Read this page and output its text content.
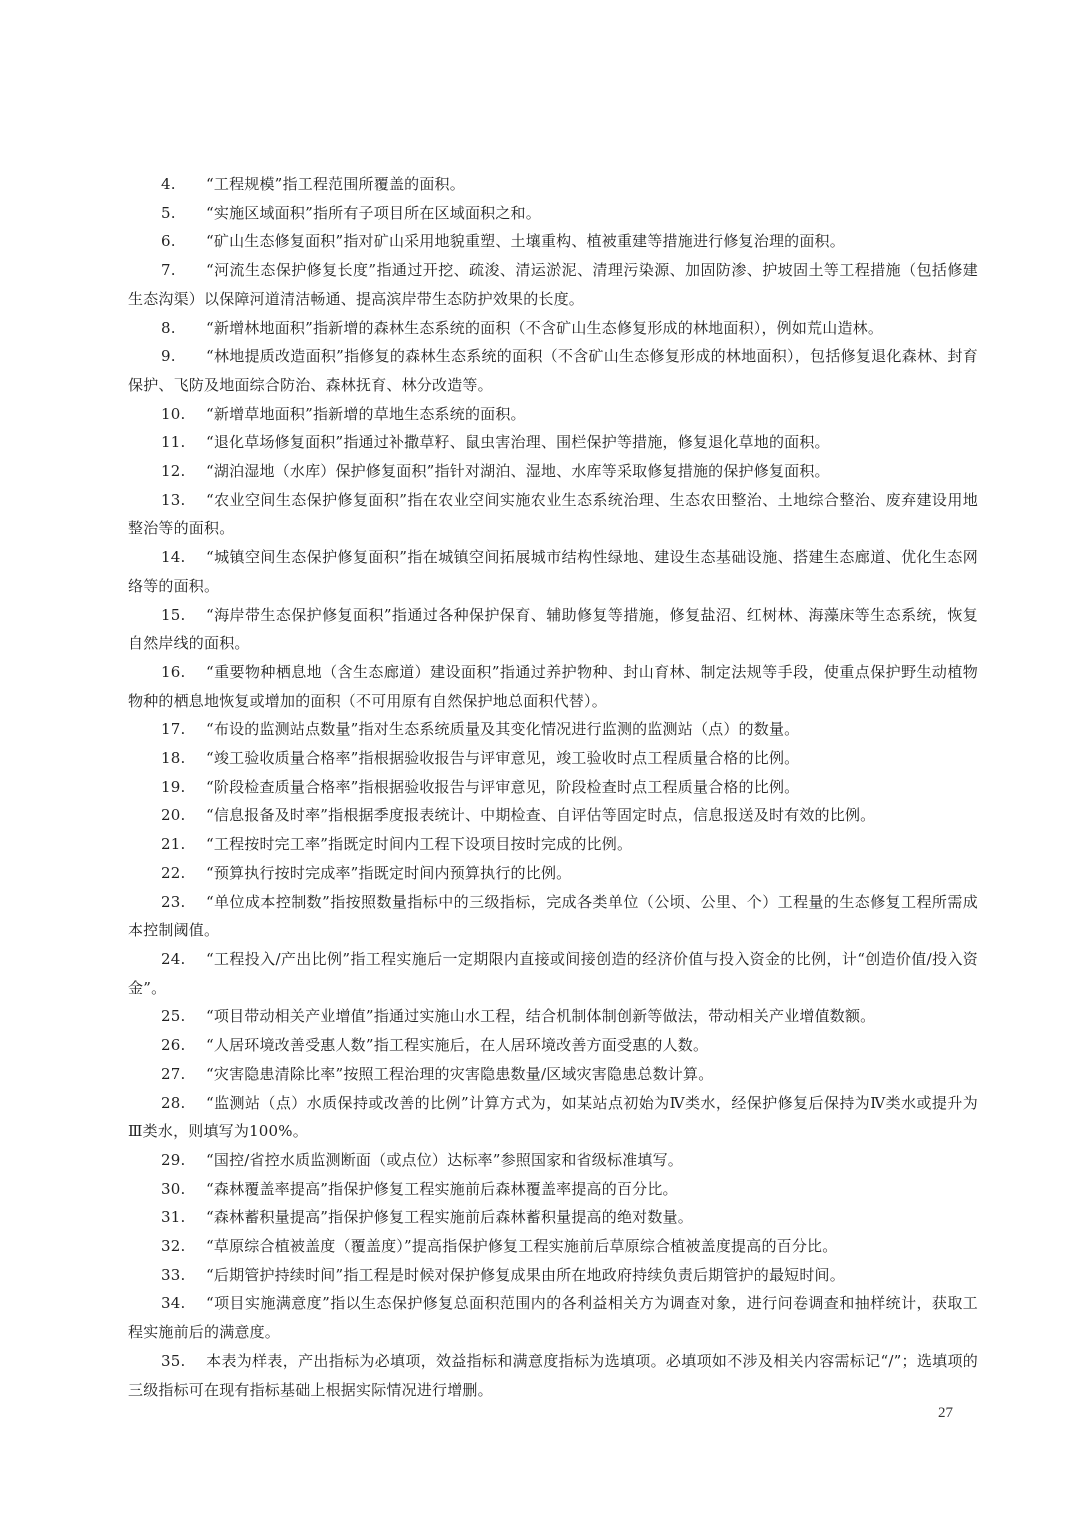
4. “工程规模”指工程范围所覆盖的面积。

5. “实施区域面积”指所有子项目所在区域面积之和。

6. “矿山生态修复面积”指对矿山采用地貌重塑、土壤重构、植被重建等措施进行修复治理的面积。

7. “河流生态保护修复长度”指通过开挖、疏浚、清运淤泥、清理污染源、加固防渗、护坡固土等工程措施（包括修建生态沟渠）以保障河道清洁畅通、提高滨岸带生态防护效果的长度。

8. “新增林地面积”指新增的森林生态系统的面积（不含矿山生态修复形成的林地面积），例如荒山造林。

9. “林地提质改造面积”指修复的森林生态系统的面积（不含矿山生态修复形成的林地面积），包括修复退化森林、封育保护、飞防及地面综合防治、森林抚育、林分改造等。

10. “新增草地面积”指新增的草地生态系统的面积。

11. “退化草场修复面积”指通过补撒草籽、鼠虫害治理、围栏保护等措施，修复退化草地的面积。

12. “湖泊湿地（水库）保护修复面积”指针对湖泊、湿地、水库等采取修复措施的保护修复面积。

13. “农业空间生态保护修复面积”指在农业空间实施农业生态系统治理、生态农田整治、土地综合整治、废弃建设用地整治等的面积。

14. “城镇空间生态保护修复面积”指在城镇空间拓展城市结构性绿地、建设生态基础设施、搭建生态廊道、优化生态网络等的面积。

15. “海岸带生态保护修复面积”指通过各种保护保育、辅助修复等措施，修复盐沼、红树林、海藻床等生态系统，恢复自然岸线的面积。

16. “重要物种栖息地（含生态廊道）建设面积”指通过养护物种、封山育林、制定法规等手段，使重点保护野生动植物物种的栖息地恢复或增加的面积（不可用原有自然保护地总面积代替）。

17. “布设的监测站点数量”指对生态系统质量及其变化情况进行监测的监测站（点）的数量。

18. “竣工验收质量合格率”指根据验收报告与评审意见，竣工验收时点工程质量合格的比例。

19. “阶段检查质量合格率”指根据验收报告与评审意见，阶段检查时点工程质量合格的比例。

20. “信息报备及时率”指根据季度报表统计、中期检查、自评估等固定时点，信息报送及时有效的比例。

21. “工程按时完工率”指既定时间内工程下设项目按时完成的比例。

22. “预算执行按时完成率”指既定时间内预算执行的比例。

23. “单位成本控制数”指按照数量指标中的三级指标，完成各类单位（公顷、公里、个）工程量的生态修复工程所需成本控制阈值。

24. “工程投入/产出比例”指工程实施后一定期限内直接或间接创造的经济价值与投入资金的比例，计“创造价值/投入资金”。

25. “项目带动相关产业增值”指通过实施山水工程，结合机制体制创新等做法，带动相关产业增值数额。

26. “人居环境改善受惠人数”指工程实施后，在人居环境改善方面受惠的人数。

27. “灾害隐患清除比率”按照工程治理的灾害隐患数量/区域灾害隐患总数计算。

28. “监测站（点）水质保持或改善的比例”计算方式为，如某站点初始为Ⅳ类水，经保护修复后保持为Ⅳ类水或提升为Ⅲ类水，则填写为100%。

29. “国控/省控水质监测断面（或点位）达标率”参照国家和省级标准填写。

30. “森林覆盖率提高”指保护修复工程实施前后森林覆盖率提高的百分比。

31. “森林蓄积量提高”指保护修复工程实施前后森林蓄积量提高的绝对数量。

32. “草原综合植被盖度（覆盖度）”提高指保护修复工程实施前后草原综合植被盖度提高的百分比。

33. “后期管护持续时间”指工程是时候对保护修复成果由所在地政府持续负责后期管护的最短时间。

34. “项目实施满意度”指以生态保护修复总面积范围内的各利益相关方为调查对象，进行问卷调查和抽样统计，获取工程实施前后的满意度。

35. 本表为样表，产出指标为必填项，效益指标和满意度指标为选填项。必填项如不涉及相关内容需标记“/”；选填项的三级指标可在现有指标基础上根据实际情况进行增删。

27
